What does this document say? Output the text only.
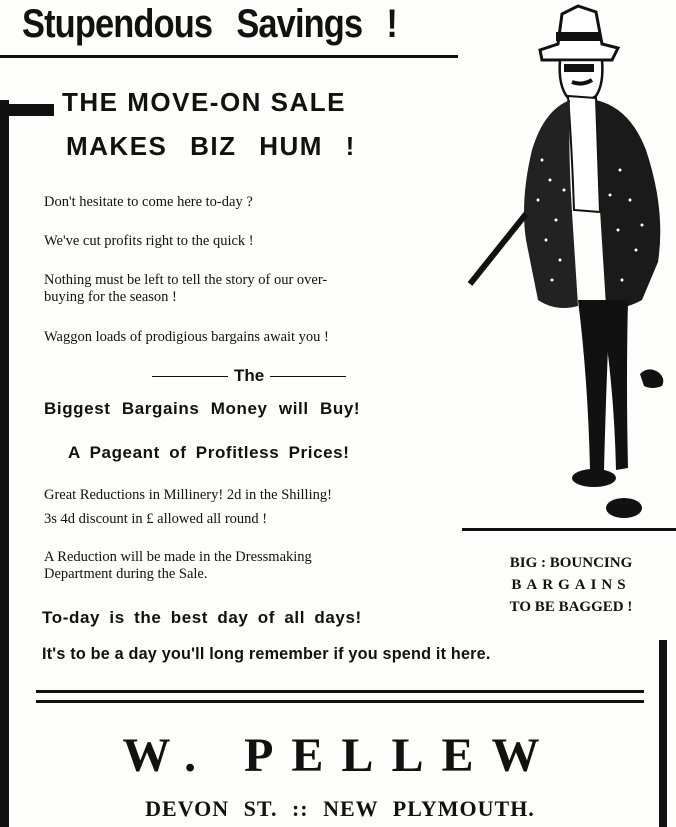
Stupendous Savings !
THE MOVE-ON SALE
MAKES BIZ HUM !
Don't hesitate to come here to-day ?
We've cut profits right to the quick !
Nothing must be left to tell the story of our over-
buying for the season !
Waggon loads of prodigious bargains await you !
The
Biggest Bargains Money will Buy!
A Pageant of Profitless Prices!
Great Reductions in Millinery! 2d in the Shilling!
3s 4d discount in £ allowed all round !
A Reduction will be made in the Dressmaking
Department during the Sale.
To-day is the best day of all days!
It's to be a day you'll long remember if you spend it here.
BIG : BOUNCING
BARGAINS
TO BE BAGGED !
W. PELLEW
DEVON ST. :: NEW PLYMOUTH.
